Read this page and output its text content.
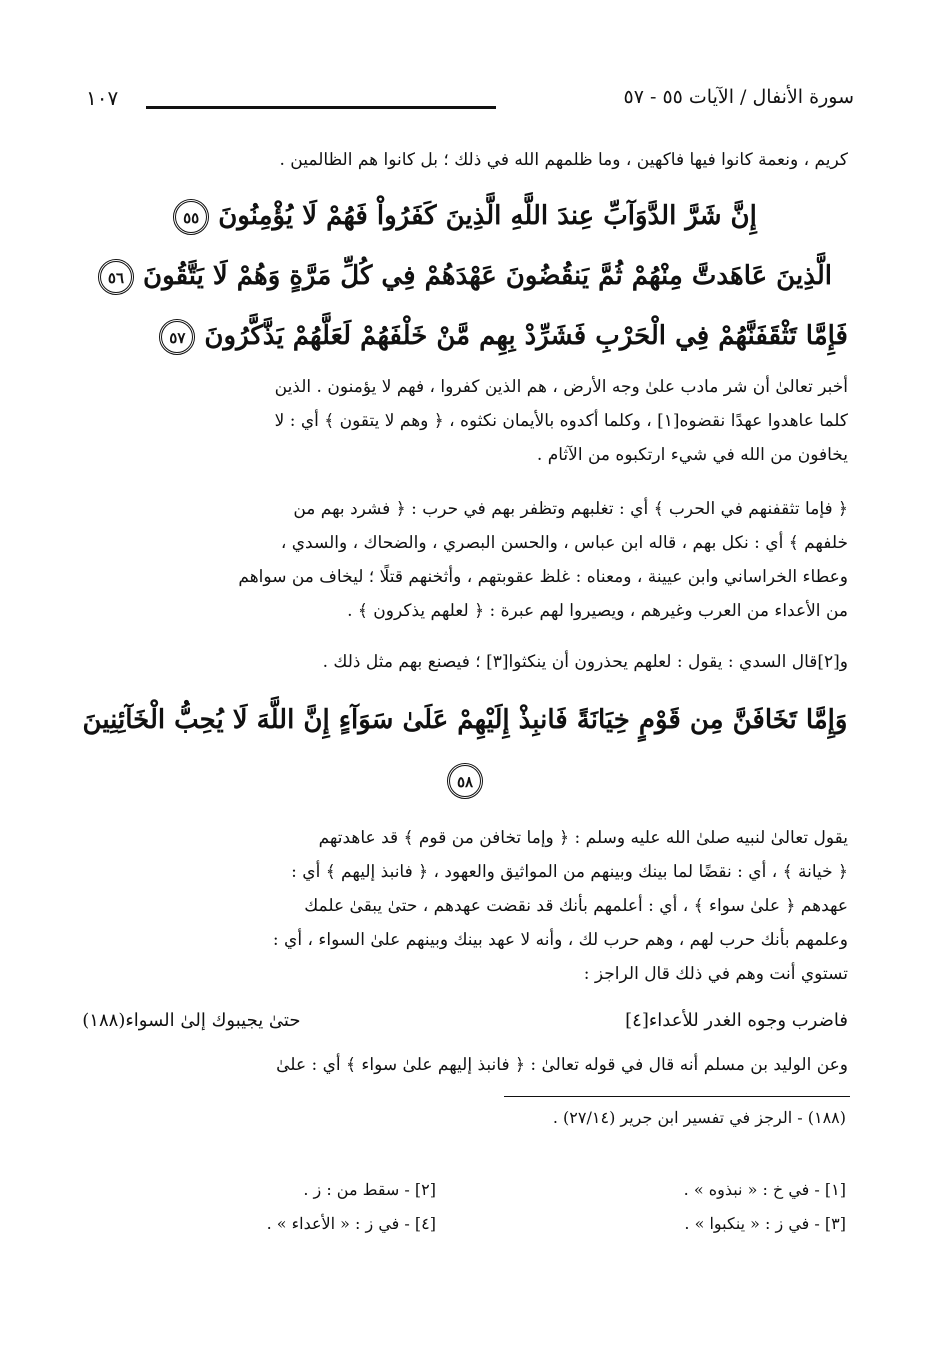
سورة الأنفال / الآيات ٥٥ - ٥٧
١٠٧
كريم ، ونعمة كانوا فيها فاكهين ، وما ظلمهم الله في ذلك ؛ بل كانوا هم الظالمين .
إِنَّ شَرَّ الدَّوَآبِّ عِندَ اللَّهِ الَّذِينَ كَفَرُواْ فَهُمْ لَا يُؤْمِنُونَ ٥٥
الَّذِينَ عَاهَدتَّ مِنْهُمْ ثُمَّ يَنقُضُونَ عَهْدَهُمْ فِي كُلِّ مَرَّةٍ وَهُمْ لَا يَتَّقُونَ ٥٦
فَإِمَّا تَثْقَفَنَّهُمْ فِي الْحَرْبِ فَشَرِّدْ بِهِم مَّنْ خَلْفَهُمْ لَعَلَّهُمْ يَذَّكَّرُونَ ٥٧
أخبر تعالىٰ أن شر مادب علىٰ وجه الأرض ، هم الذين كفروا ، فهم لا يؤمنون . الذين
كلما عاهدوا عهدًا نقضوه[١] ، وكلما أكدوه بالأيمان نكثوه ، ﴿ وهم لا يتقون ﴾ أي : لا
يخافون من الله في شيء ارتكبوه من الآثام .
﴿ فإما تثقفنهم في الحرب ﴾ أي : تغلبهم وتظفر بهم في حرب : ﴿ فشرد بهم من
خلفهم ﴾ أي : نكل بهم ، قاله ابن عباس ، والحسن البصري ، والضحاك ، والسدي ،
وعطاء الخراساني وابن عيينة ، ومعناه : غلظ عقوبتهم ، وأثخنهم قتلًا ؛ ليخاف من سواهم
من الأعداء من العرب وغيرهم ، ويصيروا لهم عبرة : ﴿ لعلهم يذكرون ﴾ .
و[٢]قال السدي : يقول : لعلهم يحذرون أن ينكثوا[٣] ؛ فيصنع بهم مثل ذلك .
وَإِمَّا تَخَافَنَّ مِن قَوْمٍ خِيَانَةً فَانبِذْ إِلَيْهِمْ عَلَىٰ سَوَآءٍ إِنَّ اللَّهَ لَا يُحِبُّ الْخَآئِنِينَ
٥٨
يقول تعالىٰ لنبيه صلىٰ الله عليه وسلم : ﴿ وإما تخافن من قوم ﴾ قد عاهدتهم
﴿ خيانة ﴾ ، أي : نقضًا لما بينك وبينهم من المواثيق والعهود ، ﴿ فانبذ إليهم ﴾ أي :
عهدهم ﴿ علىٰ سواء ﴾ ، أي : أعلمهم بأنك قد نقضت عهدهم ، حتىٰ يبقىٰ علمك
وعلمهم بأنك حرب لهم ، وهم حرب لك ، وأنه لا عهد بينك وبينهم علىٰ السواء ، أي :
تستوي أنت وهم في ذلك قال الراجز :
فاضرب وجوه الغدر للأعداء[٤] حتىٰ يجيبوك إلىٰ السواء(١٨٨)
وعن الوليد بن مسلم أنه قال في قوله تعالىٰ : ﴿ فانبذ إليهم علىٰ سواء ﴾ أي : علىٰ
(١٨٨) - الرجز في تفسير ابن جرير (٢٧/١٤) .
[١] - في خ : « نبذوه » .
[٢] - سقط من : ز .
[٣] - في ز : « ينكبوا » .
[٤] - في ز : « الأعداء » .
